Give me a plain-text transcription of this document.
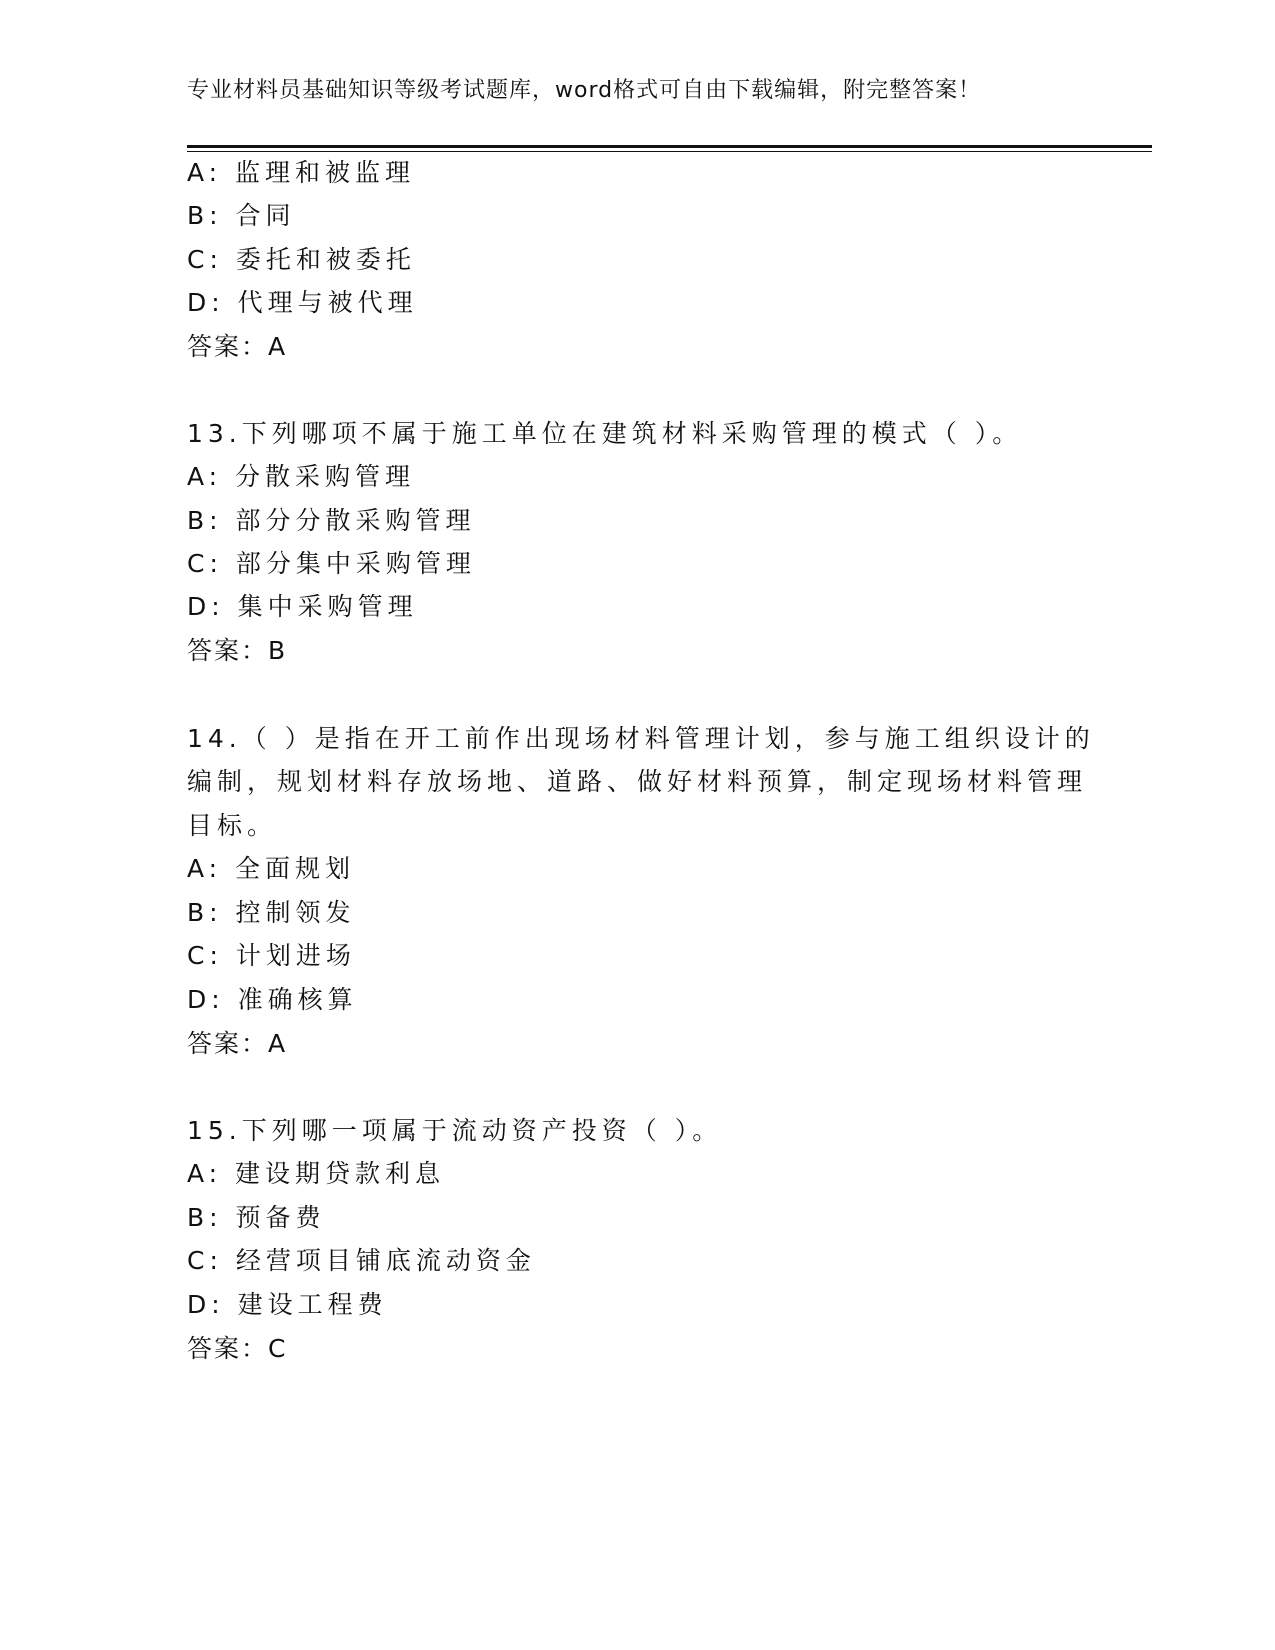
专业材料员基础知识等级考试题库，word格式可自由下载编辑，附完整答案！
A: 监理和被监理
B: 合同
C: 委托和被委托
D: 代理与被代理
答案：A
13.下列哪项不属于施工单位在建筑材料采购管理的模式（ ）。
A: 分散采购管理
B: 部分分散采购管理
C: 部分集中采购管理
D: 集中采购管理
答案：B
14.（ ）是指在开工前作出现场材料管理计划，参与施工组织设计的
编制，规划材料存放场地、道路、做好材料预算，制定现场材料管理
目标。
A: 全面规划
B: 控制领发
C: 计划进场
D: 准确核算
答案：A
15.下列哪一项属于流动资产投资（ ）。
A: 建设期贷款利息
B: 预备费
C: 经营项目铺底流动资金
D: 建设工程费
答案：C
